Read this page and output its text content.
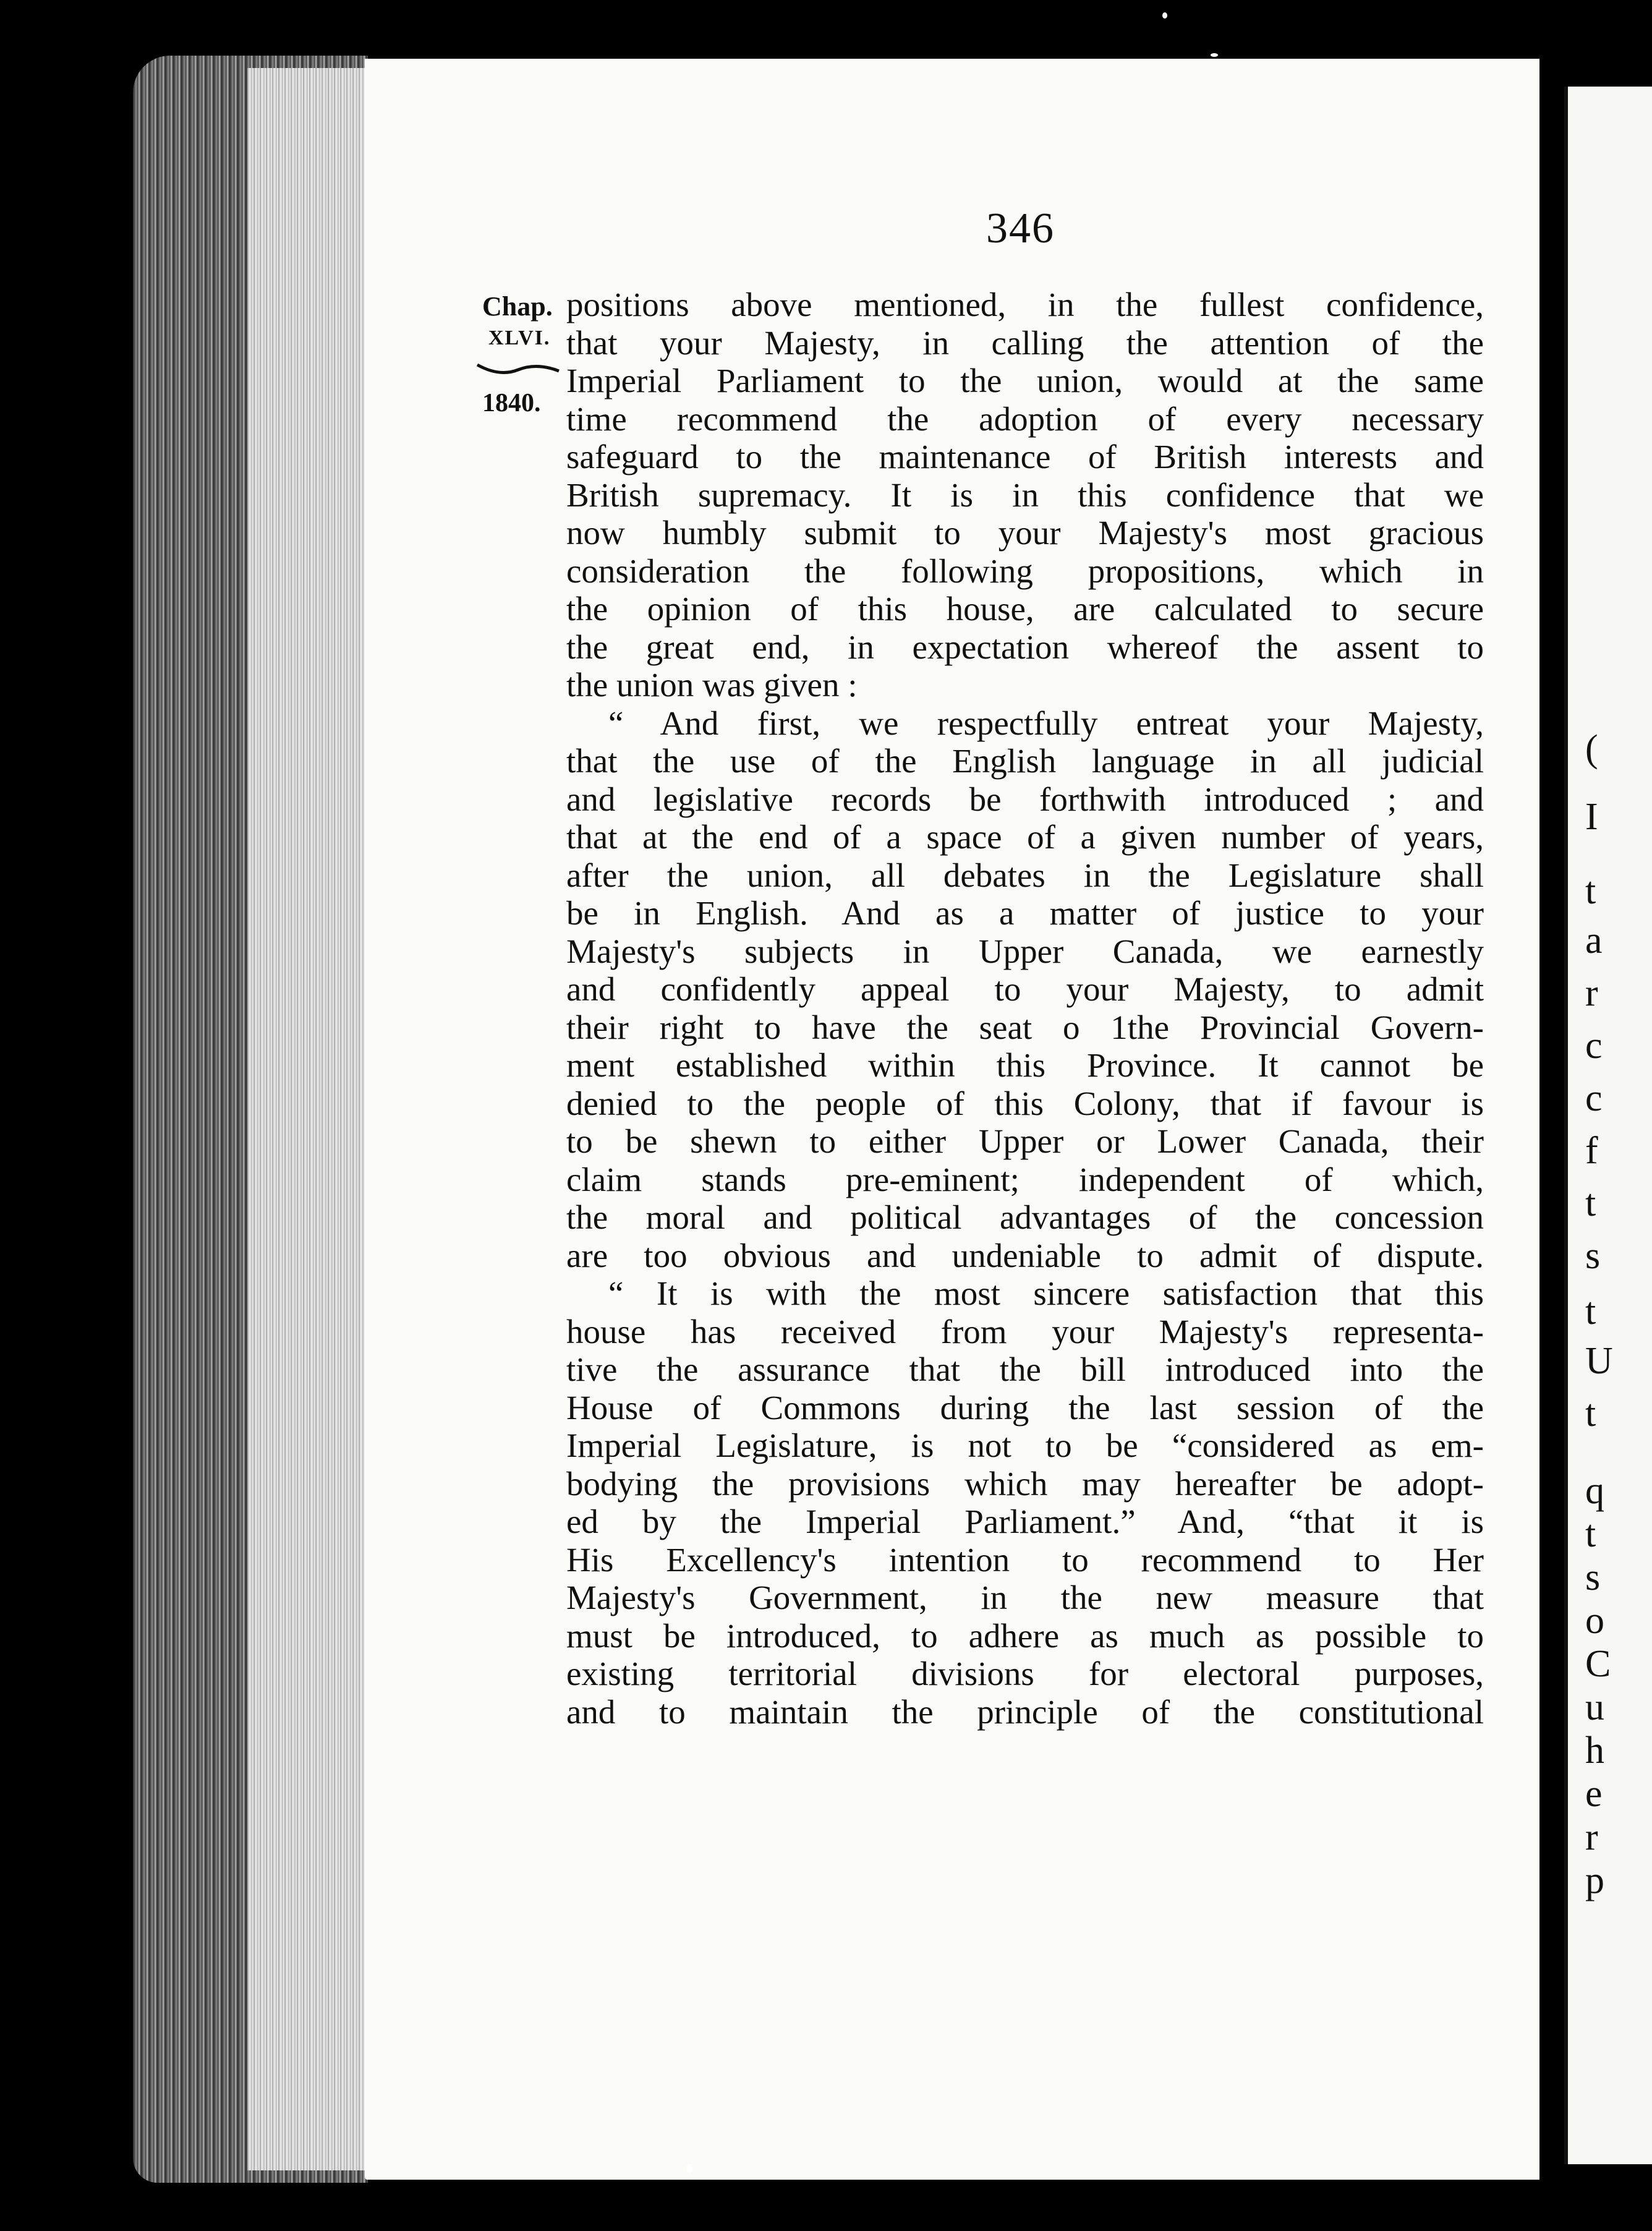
(
I
t
a
r
c
c
f
t
s
t
U
t
q
t
s
o
C
u
h
e
r
p
346
Chap.
XLVI.
1840.
positions above mentioned, in the fullest confidence,
that your Majesty, in calling the attention of the
Imperial Parliament to the union, would at the same
time recommend the adoption of every necessary
safeguard to the maintenance of British interests and
British supremacy. It is in this confidence that we
now humbly submit to your Majesty's most gracious
consideration the following propositions, which in
the opinion of this house, are calculated to secure
the great end, in expectation whereof the assent to
the union was given :
“ And first, we respectfully entreat your Majesty,
that the use of the English language in all judicial
and legislative records be forthwith introduced ; and
that at the end of a space of a given number of years,
after the union, all debates in the Legislature shall
be in English. And as a matter of justice to your
Majesty's subjects in Upper Canada, we earnestly
and confidently appeal to your Majesty, to admit
their right to have the seat o 1the Provincial Govern-
ment established within this Province. It cannot be
denied to the people of this Colony, that if favour is
to be shewn to either Upper or Lower Canada, their
claim stands pre-eminent; independent of which,
the moral and political advantages of the concession
are too obvious and undeniable to admit of dispute.
“ It is with the most sincere satisfaction that this
house has received from your Majesty's representa-
tive the assurance that the bill introduced into the
House of Commons during the last session of the
Imperial Legislature, is not to be “considered as em-
bodying the provisions which may hereafter be adopt-
ed by the Imperial Parliament.” And, “that it is
His Excellency's intention to recommend to Her
Majesty's Government, in the new measure that
must be introduced, to adhere as much as possible to
existing territorial divisions for electoral purposes,
and to maintain the principle of the constitutional
